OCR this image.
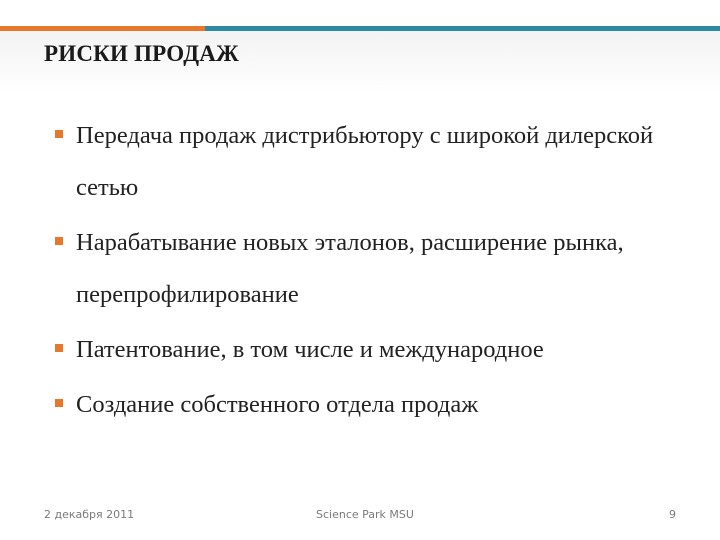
РИСКИ ПРОДАЖ
Передача продаж дистрибьютору с широкой дилерской сетью
Нарабатывание новых эталонов, расширение рынка, перепрофилирование
Патентование, в том числе и международное
Создание собственного отдела продаж
2 декабря 2011	Science Park MSU	9
